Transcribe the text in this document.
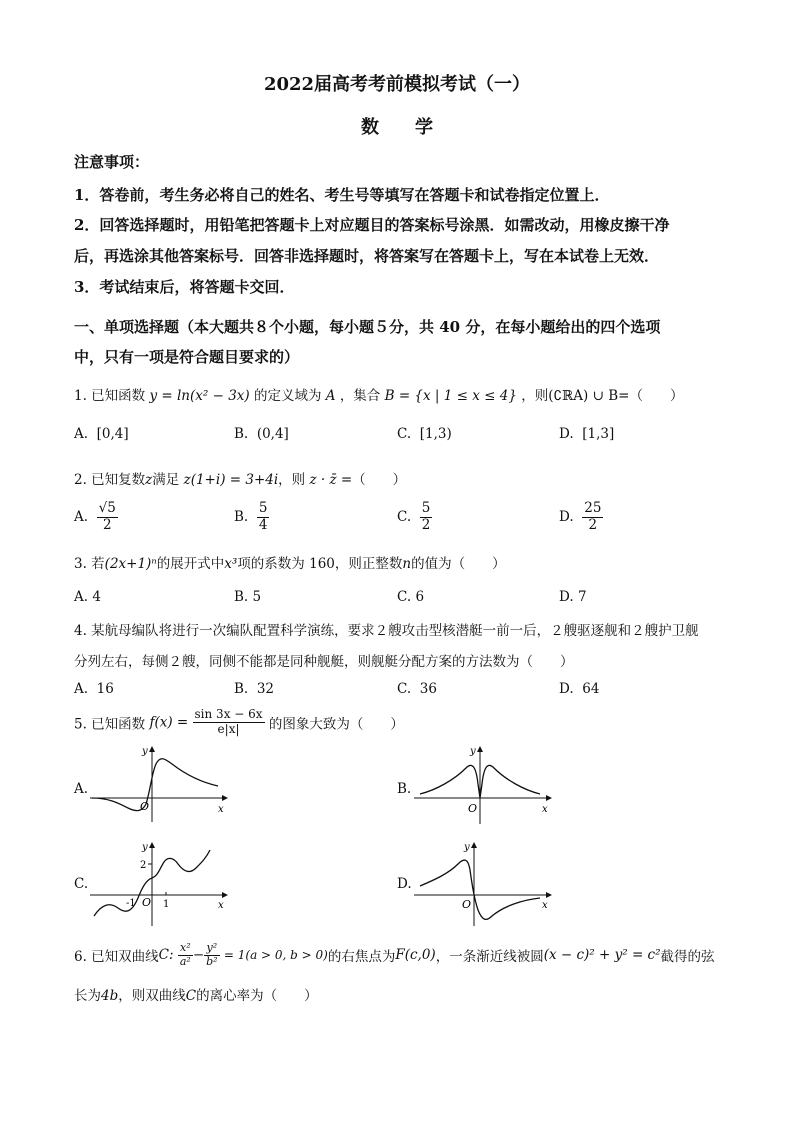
2022届高考考前模拟考试（一）
数　　学
注意事项：
1．答卷前，考生务必将自己的姓名、考生号等填写在答题卡和试卷指定位置上．
2．回答选择题时，用铅笔把答题卡上对应题目的答案标号涂黑．如需改动，用橡皮擦干净
后，再选涂其他答案标号．回答非选择题时，将答案写在答题卡上，写在本试卷上无效．
3．考试结束后，将答题卡交回．
一、单项选择题（本大题共８个小题，每小题５分，共 40 分，在每小题给出的四个选项
中，只有一项是符合题目要求的）
1. 已知函数 y = ln(x² − 3x) 的定义域为 A ，集合 B = {x | 1 ≤ x ≤ 4} ，则(∁ℝA) ∪ B=（　　）
A. [0,4]	B. (0,4]	C. [1,3)	D. [1,3]
2. 已知复数z满足 z(1+i) = 3+4i，则 z · z̄ =（　　）
A. $\frac{√5}{2}$	B. $\frac{5}{4}$	C. $\frac{5}{2}$	D. $\frac{25}{2}$
3. 若(2x+1)ⁿ的展开式中x³项的系数为 160，则正整数n的值为（　　）
A. 4	B. 5	C. 6	D. 7
4. 某航母编队将进行一次编队配置科学演练，要求２艘攻击型核潜艇一前一后，２艘驱逐舰和２艘护卫舰
分列左右，每侧２艘，同侧不能都是同种舰艇，则舰艇分配方案的方法数为（　　）
A. 16	B. 32	C. 36	D. 64
5. 已知函数 $f(x) = \frac{\sin 3x - 6x}{e|x|}$ 的图象大致为（　　）
A.	B.
C.	D.
x
y
O	x
y
O
x
y
2
-1 O 1	x
y
O
6. 已知双曲线C: $\frac{\text{x²}}{\text{a²}} - \frac{\text{y²}}{\text{b²}} = 1(a > 0$, b > 0)的右焦点为F(c,0)，一条渐近线被圆(x − c)² + y² = c²截得的弦
长为4b，则双曲线C的离心率为（　　）
